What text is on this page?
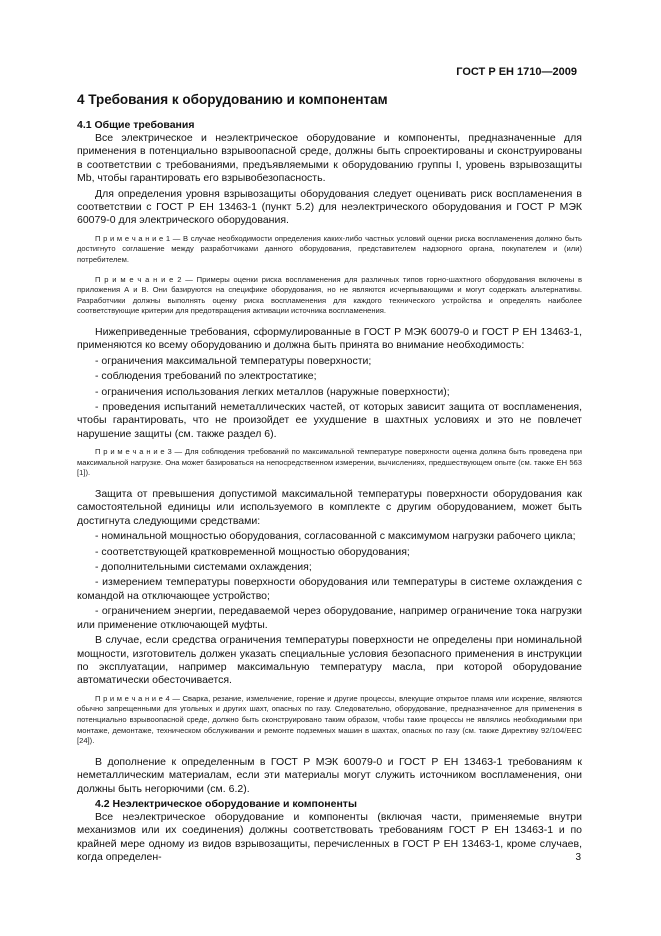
ГОСТ Р ЕН 1710—2009
4 Требования к оборудованию и компонентам
4.1 Общие требования
Все электрическое и неэлектрическое оборудование и компоненты, предназначенные для применения в потенциально взрывоопасной среде, должны быть спроектированы и сконструированы в соответствии с требованиями, предъявляемыми к оборудованию группы I, уровень взрывозащиты Mb, чтобы гарантировать его взрывобезопасность.
Для определения уровня взрывозащиты оборудования следует оценивать риск воспламенения в соответствии с ГОСТ Р ЕН 13463-1 (пункт 5.2) для неэлектрического оборудования и ГОСТ Р МЭК 60079-0 для электрического оборудования.
П р и м е ч а н и е 1 — В случае необходимости определения каких-либо частных условий оценки риска воспламенения должно быть достигнуто соглашение между разработчиками данного оборудования, представителем надзорного органа, покупателем и (или) потребителем.
П р и м е ч а н и е 2 — Примеры оценки риска воспламенения для различных типов горно-шахтного оборудования включены в приложения А и В. Они базируются на специфике оборудования, но не являются исчерпывающими и могут содержать альтернативы. Разработчики должны выполнять оценку риска воспламенения для каждого технического устройства и определять наиболее соответствующие критерии для предотвращения активации источника воспламенения.
Нижеприведенные требования, сформулированные в ГОСТ Р МЭК 60079-0 и ГОСТ Р ЕН 13463-1, применяются ко всему оборудованию и должна быть принята во внимание необходимость:
- ограничения максимальной температуры поверхности;
- соблюдения требований по электростатике;
- ограничения использования легких металлов (наружные поверхности);
- проведения испытаний неметаллических частей, от которых зависит защита от воспламенения, чтобы гарантировать, что не произойдет ее ухудшение в шахтных условиях и это не повлечет нарушение защиты (см. также раздел 6).
П р и м е ч а н и е 3 — Для соблюдения требований по максимальной температуре поверхности оценка должна быть проведена при максимальной нагрузке. Она может базироваться на непосредственном измерении, вычислениях, предшествующем опыте (см. также ЕН 563 [1]).
Защита от превышения допустимой максимальной температуры поверхности оборудования как самостоятельной единицы или используемого в комплекте с другим оборудованием, может быть достигнута следующими средствами:
- номинальной мощностью оборудования, согласованной с максимумом нагрузки рабочего цикла;
- соответствующей кратковременной мощностью оборудования;
- дополнительными системами охлаждения;
- измерением температуры поверхности оборудования или температуры в системе охлаждения с командой на отключающее устройство;
- ограничением энергии, передаваемой через оборудование, например ограничение тока нагрузки или применение отключающей муфты.
В случае, если средства ограничения температуры поверхности не определены при номинальной мощности, изготовитель должен указать специальные условия безопасного применения в инструкции по эксплуатации, например максимальную температуру масла, при которой оборудование автоматически обесточивается.
П р и м е ч а н и е 4 — Сварка, резание, измельчение, горение и другие процессы, влекущие открытое пламя или искрение, являются обычно запрещенными для угольных и других шахт, опасных по газу. Следовательно, оборудование, предназначенное для применения в потенциально взрывоопасной среде, должно быть сконструировано таким образом, чтобы такие процессы не являлись необходимыми при монтаже, демонтаже, техническом обслуживании и ремонте подземных машин в шахтах, опасных по газу (см. также Директиву 92/104/ЕЕС [24]).
В дополнение к определенным в ГОСТ Р МЭК 60079-0 и ГОСТ Р ЕН 13463-1 требованиям к неметаллическим материалам, если эти материалы могут служить источником воспламенения, они должны быть негорючими (см. 6.2).
4.2 Неэлектрическое оборудование и компоненты
Все неэлектрическое оборудование и компоненты (включая части, применяемые внутри механизмов или их соединения) должны соответствовать требованиям ГОСТ Р ЕН 13463-1 и по крайней мере одному из видов взрывозащиты, перечисленных в ГОСТ Р ЕН 13463-1, кроме случаев, когда определен-	3
